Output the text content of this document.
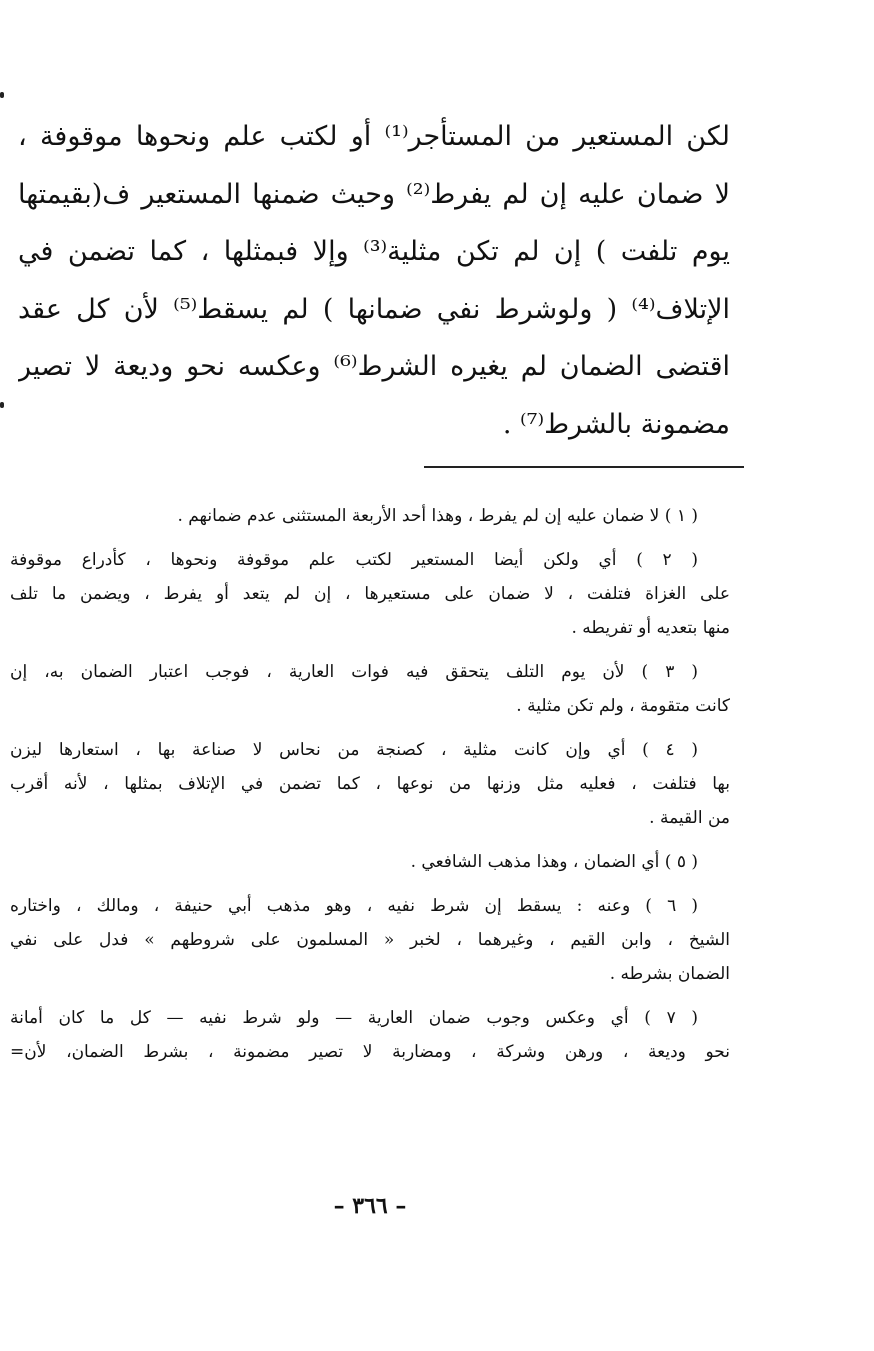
لكن المستعير من المستأجر⁽¹⁾ أو لكتب علم ونحوها موقوفة ،
لا ضمان عليه إن لم يفرط⁽²⁾ وحيث ضمنها المستعير ف(بقيمتها
يوم تلفت ) إن لم تكن مثلية⁽³⁾ وإلا فبمثلها ، كما تضمن في
الإتلاف⁽⁴⁾ ( ولوشرط نفي ضمانها ) لم يسقط⁽⁵⁾ لأن كل عقد
اقتضى الضمان لم يغيره الشرط⁽⁶⁾ وعكسه نحو وديعة لا تصير
مضمونة بالشرط⁽⁷⁾ .
( ١ ) لا ضمان عليه إن لم يفرط ، وهذا أحد الأربعة المستثنى عدم ضمانهم .
( ٢ ) أي ولكن أيضا المستعير لكتب علم موقوفة ونحوها ، كأدراع موقوفة
على الغزاة فتلفت ، لا ضمان على مستعيرها ، إن لم يتعد أو يفرط ، ويضمن ما تلف
منها بتعديه أو تفريطه .
( ٣ ) لأن يوم التلف يتحقق فيه فوات العارية ، فوجب اعتبار الضمان به، إن
كانت متقومة ، ولم تكن مثلية .
( ٤ ) أي وإن كانت مثلية ، كصنجة من نحاس لا صناعة بها ، استعارها ليزن
بها فتلفت ، فعليه مثل وزنها من نوعها ، كما تضمن في الإتلاف بمثلها ، لأنه أقرب
من القيمة .
( ٥ ) أي الضمان ، وهذا مذهب الشافعي .
( ٦ ) وعنه : يسقط إن شرط نفيه ، وهو مذهب أبي حنيفة ، ومالك ، واختاره
الشيخ ، وابن القيم ، وغيرهما ، لخبر « المسلمون على شروطهم » فدل على نفي
الضمان بشرطه .
( ٧ ) أي وعكس وجوب ضمان العارية — ولو شرط نفيه — كل ما كان أمانة
نحو وديعة ، ورهن وشركة ، ومضاربة لا تصير مضمونة ، بشرط الضمان، لأن=
– ٣٦٦ –
